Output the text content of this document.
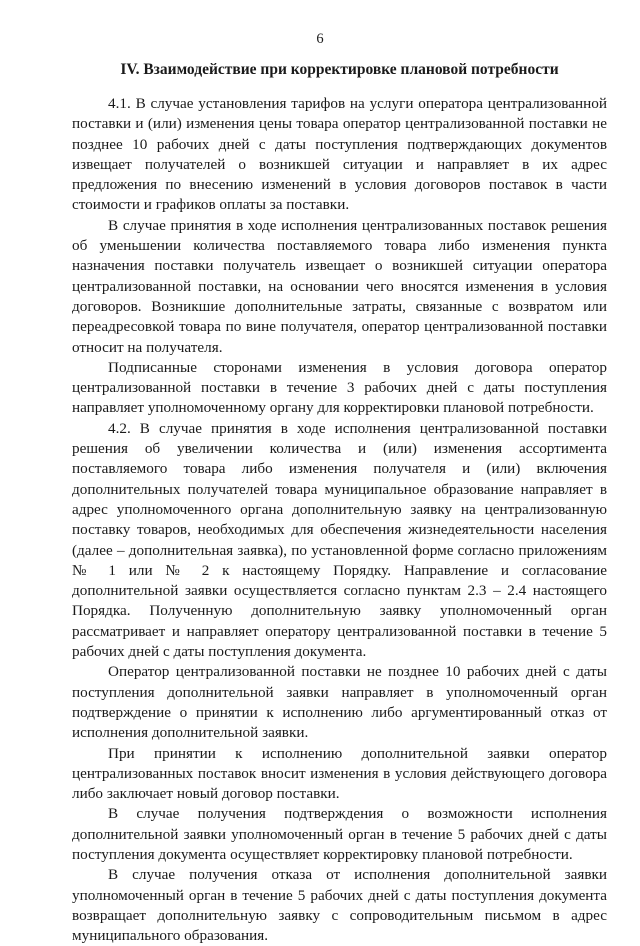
6
IV. Взаимодействие при корректировке плановой потребности

4.1. В случае установления тарифов на услуги оператора централизованной поставки и (или) изменения цены товара оператор централизованной поставки не позднее 10 рабочих дней с даты поступления подтверждающих документов извещает получателей о возникшей ситуации и направляет в их адрес предложения по внесению изменений в условия договоров поставок в части стоимости и графиков оплаты за поставки.

В случае принятия в ходе исполнения централизованных поставок решения об уменьшении количества поставляемого товара либо изменения пункта назначения поставки получатель извещает о возникшей ситуации оператора централизованной поставки, на основании чего вносятся изменения в условия договоров. Возникшие дополнительные затраты, связанные с возвратом или переадресовкой товара по вине получателя, оператор централизованной поставки относит на получателя.

Подписанные сторонами изменения в условия договора оператор централизованной поставки в течение 3 рабочих дней с даты поступления направляет уполномоченному органу для корректировки плановой потребности.

4.2. В случае принятия в ходе исполнения централизованной поставки решения об увеличении количества и (или) изменения ассортимента поставляемого товара либо изменения получателя и (или) включения дополнительных получателей товара муниципальное образование направляет в адрес уполномоченного органа дополнительную заявку на централизованную поставку товаров, необходимых для обеспечения жизнедеятельности населения (далее – дополнительная заявка), по установленной форме согласно приложениям № 1 или № 2 к настоящему Порядку. Направление и согласование дополнительной заявки осуществляется согласно пунктам 2.3 – 2.4 настоящего Порядка. Полученную дополнительную заявку уполномоченный орган рассматривает и направляет оператору централизованной поставки в течение 5 рабочих дней с даты поступления документа.

Оператор централизованной поставки не позднее 10 рабочих дней с даты поступления дополнительной заявки направляет в уполномоченный орган подтверждение о принятии к исполнению либо аргументированный отказ от исполнения дополнительной заявки.

При принятии к исполнению дополнительной заявки оператор централизованных поставок вносит изменения в условия действующего договора либо заключает новый договор поставки.

В случае получения подтверждения о возможности исполнения дополнительной заявки уполномоченный орган в течение 5 рабочих дней с даты поступления документа осуществляет корректировку плановой потребности.

В случае получения отказа от исполнения дополнительной заявки уполномоченный орган в течение 5 рабочих дней с даты поступления документа возвращает дополнительную заявку с сопроводительным письмом в адрес муниципального образования.
